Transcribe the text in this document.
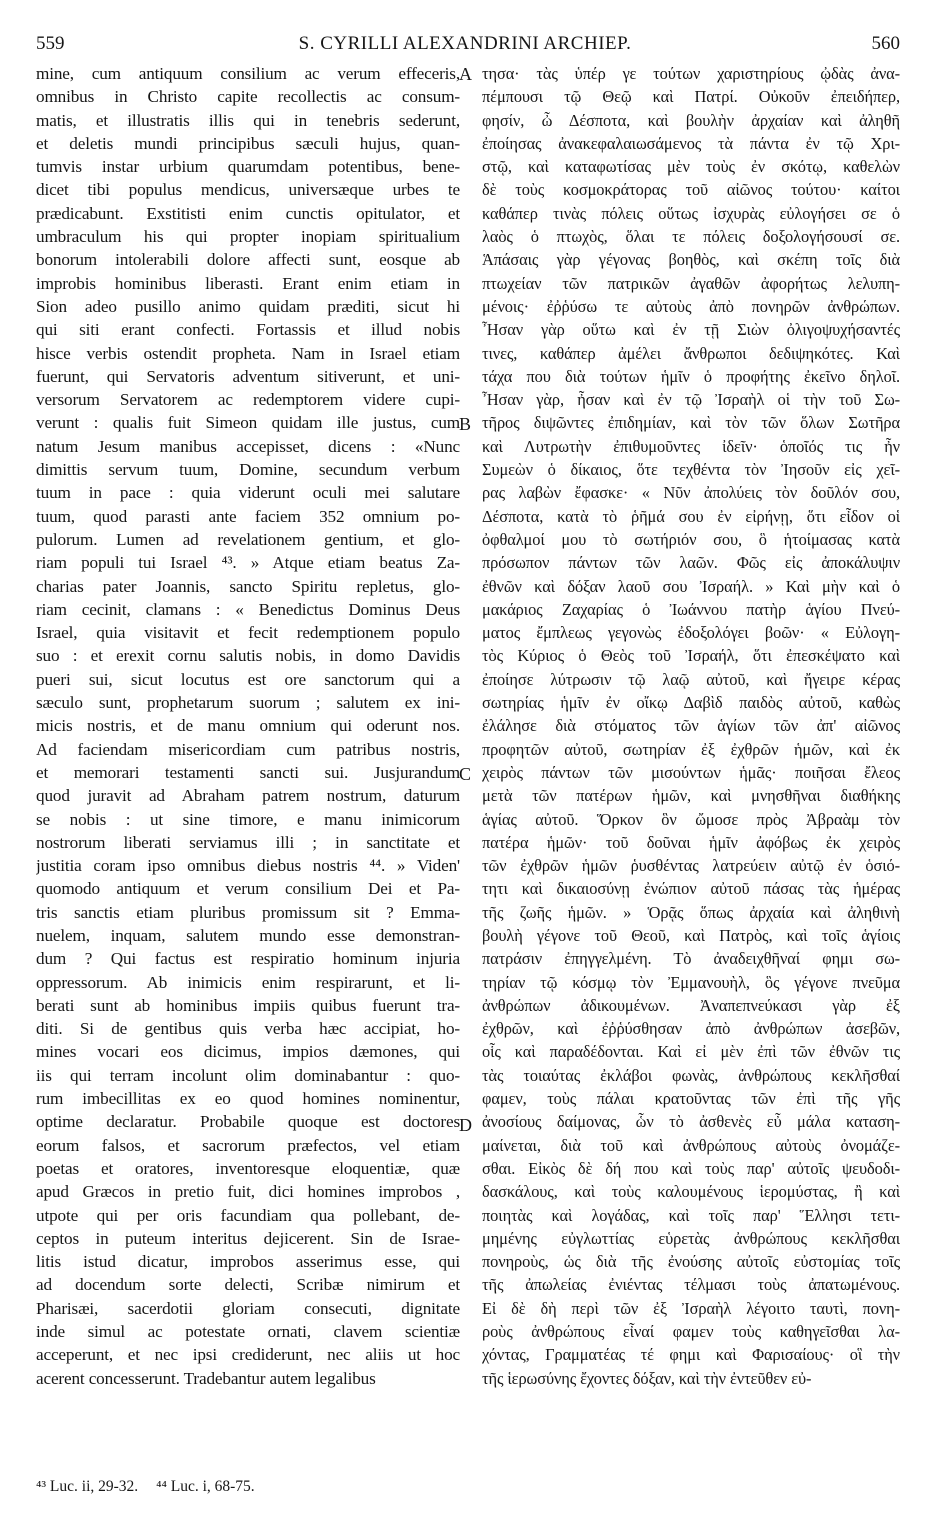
S. CYRILLI ALEXANDRINI ARCHIEP.
559	560
mine, cum antiquum consilium ac verum effeceris,
omnibus in Christo capite recollectis ac consum-
matis, et illustratis illis qui in tenebris sederunt,
et deletis mundi principibus sæculi hujus, quan-
tumvis instar urbium quarumdam potentibus, bene-
dicet tibi populus mendicus, universæque urbes te
prædicabunt. Exstitisti enim cunctis opitulator, et
umbraculum his qui propter inopiam spiritualium
bonorum intolerabili dolore affecti sunt, eosque ab
improbis hominibus liberasti. Erant enim etiam in
Sion adeo pusillo animo quidam præditi, sicut hi
qui siti erant confecti. Fortassis et illud nobis
hisce verbis ostendit propheta. Nam in Israel etiam
fuerunt, qui Servatoris adventum sitiverunt, et uni-
versorum Servatorem ac redemptorem videre cupi-
verunt : qualis fuit Simeon quidam ille justus, cum
natum Jesum manibus accepisset, dicens : «Nunc
dimittis servum tuum, Domine, secundum verbum
tuum in pace : quia viderunt oculi mei salutare
tuum, quod parasti ante faciem 352 omnium po-
pulorum. Lumen ad revelationem gentium, et glo-
riam populi tui Israel ⁴³. » Atque etiam beatus Za-
charias pater Joannis, sancto Spiritu repletus, glo-
riam cecinit, clamans : « Benedictus Dominus Deus
Israel, quia visitavit et fecit redemptionem populo
suo : et erexit cornu salutis nobis, in domo Davidis
pueri sui, sicut locutus est ore sanctorum qui a
sæculo sunt, prophetarum suorum ; salutem ex ini-
micis nostris, et de manu omnium qui oderunt nos.
Ad faciendam misericordiam cum patribus nostris,
et memorari testamenti sancti sui. Jusjurandum
quod juravit ad Abraham patrem nostrum, daturum
se nobis : ut sine timore, e manu inimicorum
nostrorum liberati serviamus illi ; in sanctitate et
justitia coram ipso omnibus diebus nostris ⁴⁴. » Viden'
quomodo antiquum et verum consilium Dei et Pa-
tris sanctis etiam pluribus promissum sit ? Emma-
nuelem, inquam, salutem mundo esse demonstran-
dum ? Qui factus est respiratio hominum injuria
oppressorum. Ab inimicis enim respirarunt, et li-
berati sunt ab hominibus impiis quibus fuerunt tra-
diti. Si de gentibus quis verba hæc accipiat, ho-
mines vocari eos dicimus, impios dæmones, qui
iis qui terram incolunt olim dominabantur : quo-
rum imbecillitas ex eo quod homines nominentur,
optime declaratur. Probabile quoque est doctores
eorum falsos, et sacrorum præfectos, vel etiam
poetas et oratores, inventoresque eloquentiæ, quæ
apud Græcos in pretio fuit, dici homines improbos ,
utpote qui per oris facundiam qua pollebant, de-
ceptos in puteum interitus dejicerent. Sin de Israe-
litis istud dicatur, improbos asserimus esse, qui
ad docendum sorte delecti, Scribæ nimirum et
Pharisæi, sacerdotii gloriam consecuti, dignitate
inde simul ac potestate ornati, clavem scientiæ
acceperunt, et nec ipsi crediderunt, nec aliis ut hoc
acerent concesserunt. Tradebantur autem legalibus
τησα· τὰς ὑπέρ γε τούτων χαριστηρίους ᾠδὰς ἀνα-
πέμπουσι τῷ Θεῷ καὶ Πατρί. Οὐκοῦν ἐπειδήπερ,
φησίν, ὦ Δέσποτα, καὶ βουλὴν ἀρχαίαν καὶ ἀληθῆ
ἐποίησας ἀνακεφαλαιωσάμενος τὰ πάντα ἐν τῷ Χρι-
στῷ, καὶ καταφωτίσας μὲν τοὺς ἐν σκότῳ, καθελὼν
δὲ τοὺς κοσμοκράτορας τοῦ αἰῶνος τούτου· καίτοι
καθάπερ τινὰς πόλεις οὕτως ἰσχυρὰς εὐλογήσει σε ὁ
λαὸς ὁ πτωχὸς, ὅλαι τε πόλεις δοξολογήσουσί σε.
Ἁπάσαις γὰρ γέγονας βοηθὸς, καὶ σκέπη τοῖς διὰ
πτωχείαν τῶν πατρικῶν ἀγαθῶν ἀφορήτως λελυπη-
μένοις· ἐῤῥύσω τε αὐτοὺς ἀπὸ πονηρῶν ἀνθρώπων.
Ἦσαν γὰρ οὕτω καὶ ἐν τῇ Σιὼν ὀλιγοψυχήσαντές
τινες, καθάπερ ἀμέλει ἄνθρωποι δεδιψηκότες. Καὶ
τάχα που διὰ τούτων ἡμῖν ὁ προφήτης ἐκεῖνο δηλοῖ.
Ἦσαν γὰρ, ἦσαν καὶ ἐν τῷ Ἰσραὴλ οἱ τὴν τοῦ Σω-
τῆρος διψῶντες ἐπιδημίαν, καὶ τὸν τῶν ὅλων Σωτῆρα
καὶ Λυτρωτὴν ἐπιθυμοῦντες ἰδεῖν· ὁποῖός τις ἦν
Συμεὼν ὁ δίκαιος, ὅτε τεχθέντα τὸν Ἰησοῦν εἰς χεῖ-
ρας λαβὼν ἔφασκε· « Νῦν ἀπολύεις τὸν δοῦλόν σου,
Δέσποτα, κατὰ τὸ ῥῆμά σου ἐν εἰρήνῃ, ὅτι εἶδον οἱ
ὀφθαλμοί μου τὸ σωτήριόν σου, ὃ ἡτοίμασας κατὰ
πρόσωπον πάντων τῶν λαῶν. Φῶς εἰς ἀποκάλυψιν
ἐθνῶν καὶ δόξαν λαοῦ σου Ἰσραήλ. » Καὶ μὴν καὶ ὁ
μακάριος Ζαχαρίας ὁ Ἰωάννου πατὴρ ἁγίου Πνεύ-
ματος ἔμπλεως γεγονὼς ἐδοξολόγει βοῶν· « Εὐλογη-
τὸς Κύριος ὁ Θεὸς τοῦ Ἰσραήλ, ὅτι ἐπεσκέψατο καὶ
ἐποίησε λύτρωσιν τῷ λαῷ αὐτοῦ, καὶ ἤγειρε κέρας
σωτηρίας ἡμῖν ἐν οἴκῳ Δαβὶδ παιδὸς αὐτοῦ, καθὼς
ἐλάλησε διὰ στόματος τῶν ἁγίων τῶν ἀπ' αἰῶνος
προφητῶν αὐτοῦ, σωτηρίαν ἐξ ἐχθρῶν ἡμῶν, καὶ ἐκ
χειρὸς πάντων τῶν μισούντων ἡμᾶς· ποιῆσαι ἔλεος
μετὰ τῶν πατέρων ἡμῶν, καὶ μνησθῆναι διαθήκης
ἁγίας αὐτοῦ. Ὅρκον ὃν ὤμοσε πρὸς Ἀβραὰμ τὸν
πατέρα ἡμῶν· τοῦ δοῦναι ἡμῖν ἀφόβως ἐκ χειρὸς
τῶν ἐχθρῶν ἡμῶν ῥυσθέντας λατρεύειν αὐτῷ ἐν ὁσιό-
τητι καὶ δικαιοσύνῃ ἐνώπιον αὐτοῦ πάσας τὰς ἡμέρας
τῆς ζωῆς ἡμῶν. » Ὁρᾷς ὅπως ἀρχαία καὶ ἀληθινὴ
βουλὴ γέγονε τοῦ Θεοῦ, καὶ Πατρὸς, καὶ τοῖς ἁγίοις
πατράσιν ἐπηγγελμένη. Τὸ ἀναδειχθῆναί φημι σω-
τηρίαν τῷ κόσμῳ τὸν Ἐμμανουὴλ, ὃς γέγονε πνεῦμα
ἀνθρώπων ἀδικουμένων. Ἀναπεπνεύκασι γὰρ ἐξ
ἐχθρῶν, καὶ ἐῤῥύσθησαν ἀπὸ ἀνθρώπων ἀσεβῶν,
οἷς καὶ παραδέδονται. Καὶ εἰ μὲν ἐπὶ τῶν ἐθνῶν τις
τὰς τοιαύτας ἐκλάβοι φωνὰς, ἀνθρώπους κεκλῆσθαί
φαμεν, τοὺς πάλαι κρατοῦντας τῶν ἐπὶ τῆς γῆς
ἀνοσίους δαίμονας, ὧν τὸ ἀσθενὲς εὖ μάλα καταση-
μαίνεται, διὰ τοῦ καὶ ἀνθρώπους αὐτοὺς ὀνομάζε-
σθαι. Εἰκὸς δὲ δή που καὶ τοὺς παρ' αὐτοῖς ψευδοδι-
δασκάλους, καὶ τοὺς καλουμένους ἱερομύστας, ἢ καὶ
ποιητὰς καὶ λογάδας, καὶ τοῖς παρ' Ἕλλησι τετι-
μημένης εὐγλωττίας εὑρετὰς ἀνθρώπους κεκλῆσθαι
πονηροὺς, ὡς διὰ τῆς ἐνούσης αὐτοῖς εὐστομίας τοῖς
τῆς ἀπωλείας ἐνιέντας τέλμασι τοὺς ἀπατωμένους.
Εἰ δὲ δὴ περὶ τῶν ἐξ Ἰσραὴλ λέγοιτο ταυτὶ, πονη-
ροὺς ἀνθρώπους εἶναί φαμεν τοὺς καθηγεῖσθαι λα-
χόντας, Γραμματέας τέ φημι καὶ Φαρισαίους· οἳ τὴν
τῆς ἱερωσύνης ἔχοντες δόξαν, καὶ τὴν ἐντεῦθεν εὐ-
A
B
C
D
⁴³ Luc. ii, 29-32. ⁴⁴ Luc. i, 68-75.
